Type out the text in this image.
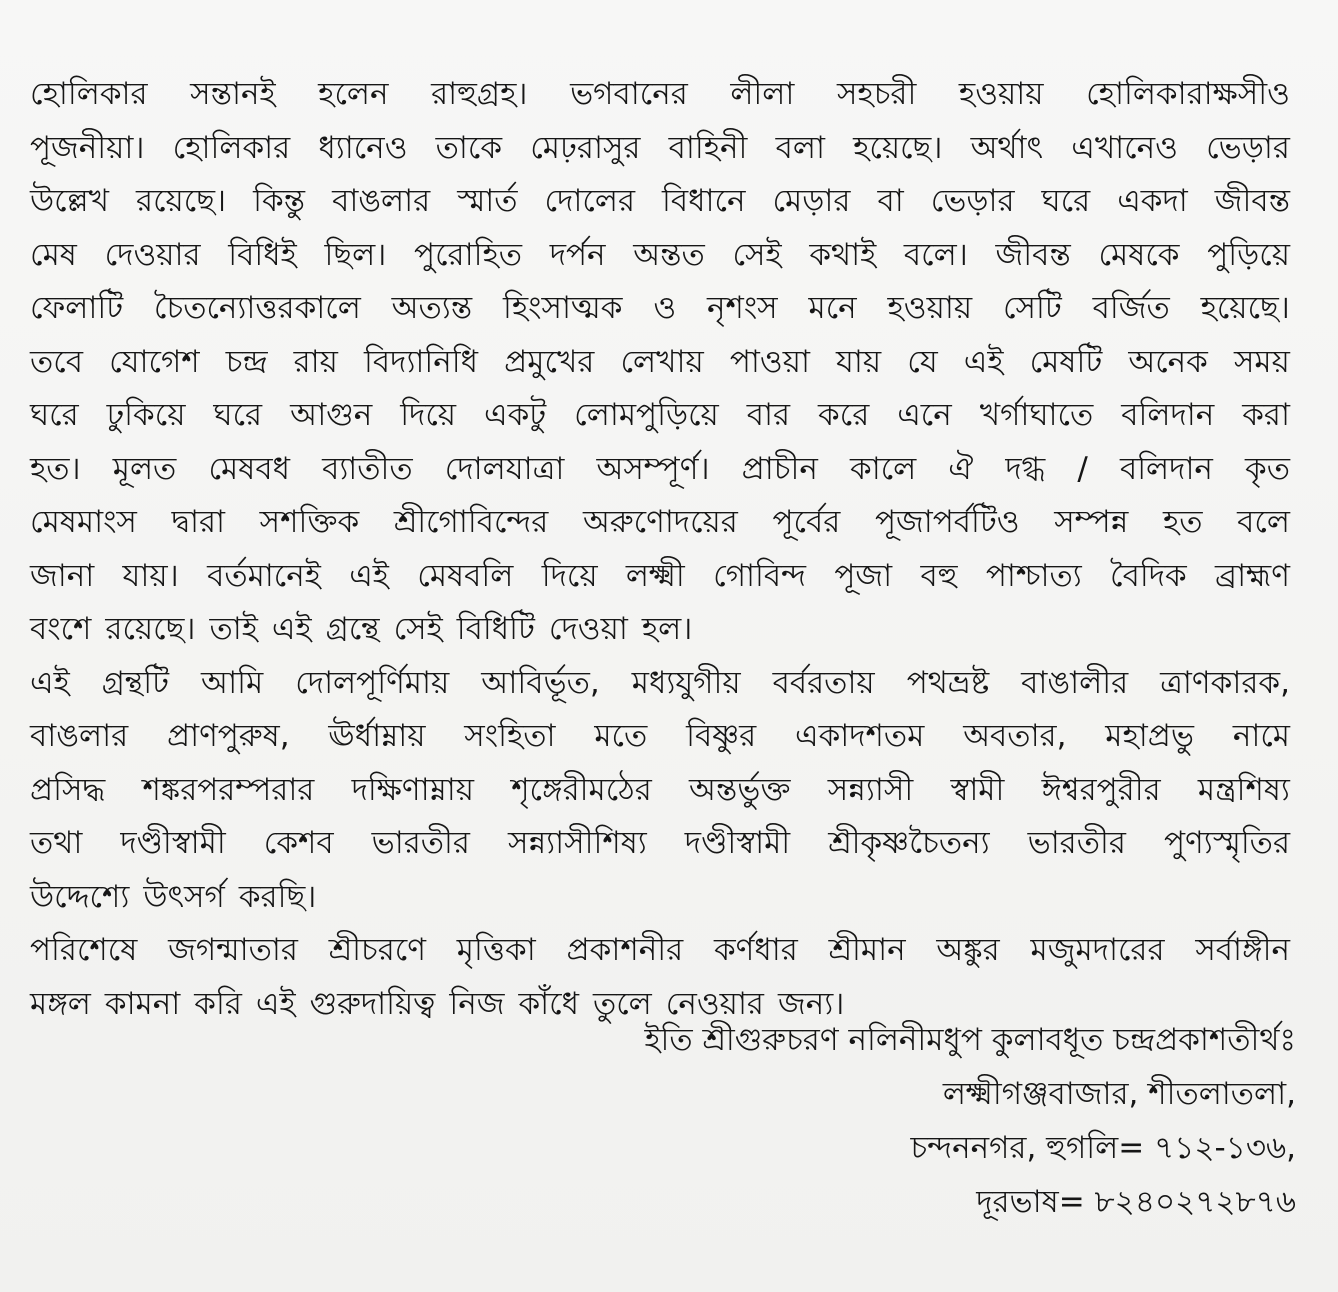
হোলিকার সন্তানই হলেন রাহুগ্রহ। ভগবানের লীলা সহচরী হওয়ায় হোলিকারাক্ষসীও
পূজনীয়া। হোলিকার ধ্যানেও তাকে মেঢ়রাসুর বাহিনী বলা হয়েছে। অর্থাৎ এখানেও ভেড়ার
উল্লেখ রয়েছে। কিন্তু বাঙলার স্মার্ত দোলের বিধানে মেড়ার বা ভেড়ার ঘরে একদা জীবন্ত
মেষ দেওয়ার বিধিই ছিল। পুরোহিত দর্পন অন্তত সেই কথাই বলে। জীবন্ত মেষকে পুড়িয়ে
ফেলাটি চৈতন্যোত্তরকালে অত্যন্ত হিংসাত্মক ও নৃশংস মনে হওয়ায় সেটি বর্জিত হয়েছে।
তবে যোগেশ চন্দ্র রায় বিদ্যানিধি প্রমুখের লেখায় পাওয়া যায় যে এই মেষটি অনেক সময়
ঘরে ঢুকিয়ে ঘরে আগুন দিয়ে একটু লোমপুড়িয়ে বার করে এনে খর্গাঘাতে বলিদান করা
হত। মূলত মেষবধ ব্যাতীত দোলযাত্রা অসম্পূর্ণ। প্রাচীন কালে ঐ দগ্ধ / বলিদান কৃত
মেষমাংস দ্বারা সশক্তিক শ্রীগোবিন্দের অরুণোদয়ের পূর্বের পূজাপর্বটিও সম্পন্ন হত বলে
জানা যায়। বর্তমানেই এই মেষবলি দিয়ে লক্ষ্মী গোবিন্দ পূজা বহু পাশ্চাত্য বৈদিক ব্রাহ্মণ
বংশে রয়েছে। তাই এই গ্রন্থে সেই বিধিটি দেওয়া হল।
এই গ্রন্থটি আমি দোলপূর্ণিমায় আবির্ভূত, মধ্যযুগীয় বর্বরতায় পথভ্রষ্ট বাঙালীর ত্রাণকারক,
বাঙলার প্রাণপুরুষ, ঊর্ধাম্নায় সংহিতা মতে বিষ্ণুর একাদশতম অবতার, মহাপ্রভু নামে
প্রসিদ্ধ শঙ্করপরম্পরার দক্ষিণাম্নায় শৃঙ্গেরীমঠের অন্তর্ভুক্ত সন্ন্যাসী স্বামী ঈশ্বরপুরীর মন্ত্রশিষ্য
তথা দণ্ডীস্বামী কেশব ভারতীর সন্ন্যাসীশিষ্য দণ্ডীস্বামী শ্রীকৃষ্ণচৈতন্য ভারতীর পুণ্যস্মৃতির
উদ্দেশ্যে উৎসর্গ করছি।
পরিশেষে জগন্মাতার শ্রীচরণে মৃত্তিকা প্রকাশনীর কর্ণধার শ্রীমান অঙ্কুর মজুমদারের সর্বাঙ্গীন
মঙ্গল কামনা করি এই গুরুদায়িত্ব নিজ কাঁধে তুলে নেওয়ার জন্য।
ইতি শ্রীগুরুচরণ নলিনীমধুপ কুলাবধূত চন্দ্রপ্রকাশতীর্থঃ
লক্ষ্মীগঞ্জবাজার, শীতলাতলা,
চন্দননগর, হুগলি= ৭১২-১৩৬,
দূরভাষ= ৮২৪০২৭২৮৭৬
